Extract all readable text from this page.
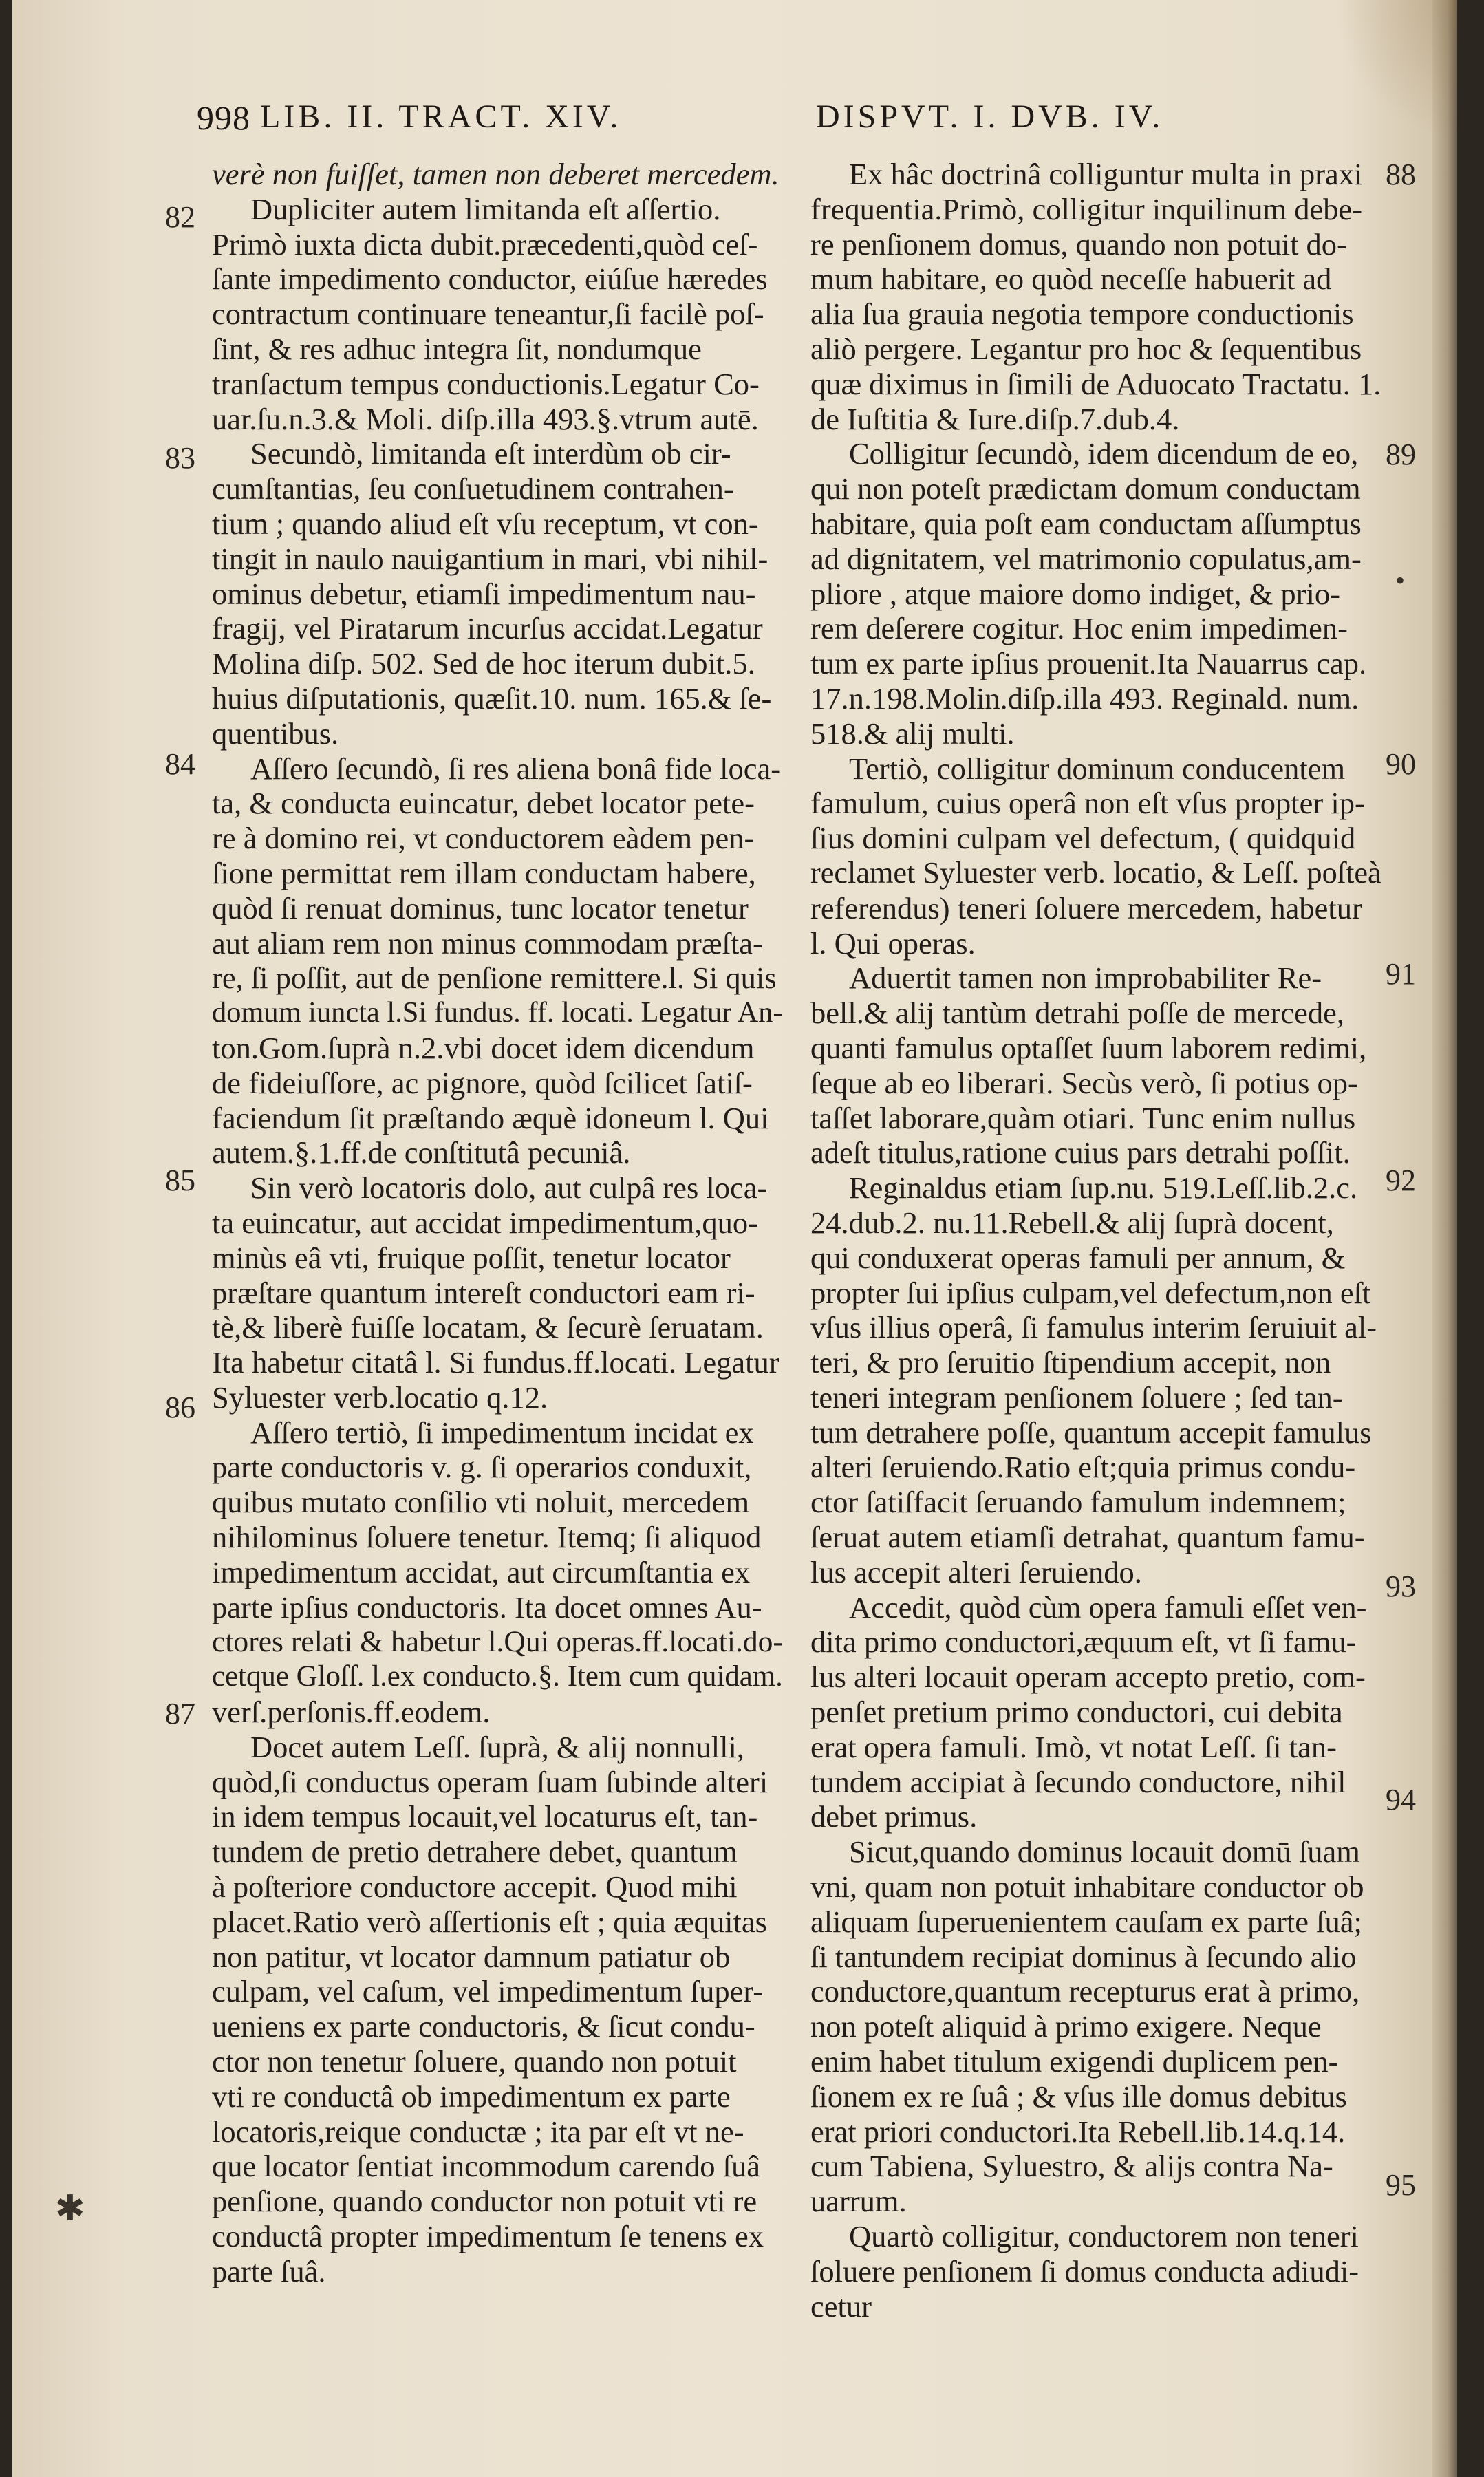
998 LIB. II. TRACT. XIV.	DISPVT. I. DVB. IV.
verè non fuiſſet, tamen non deberet mercedem.
Dupliciter autem limitanda eſt aſſertio.
Primò iuxta dicta dubit.præcedenti,quòd ceſ-
ſante impedimento conductor, eiúſue hæredes
contractum continuare teneantur,ſi facilè poſ-
ſint, & res adhuc integra ſit, nondumque
tranſactum tempus conductionis.Legatur Co-
uar.ſu.n.3.& Moli. diſp.illa 493.§.vtrum autē.
Secundò, limitanda eſt interdùm ob cir-
cumſtantias, ſeu conſuetudinem contrahen-
tium ; quando aliud eſt vſu receptum, vt con-
tingit in naulo nauigantium in mari, vbi nihil-
ominus debetur, etiamſi impedimentum nau-
fragij, vel Piratarum incurſus accidat.Legatur
Molina diſp. 502. Sed de hoc iterum dubit.5.
huius diſputationis, quæſit.10. num. 165.& ſe-
quentibus.
Aſſero ſecundò, ſi res aliena bonâ fide loca-
ta, & conducta euincatur, debet locator pete-
re à domino rei, vt conductorem eàdem pen-
ſione permittat rem illam conductam habere,
quòd ſi renuat dominus, tunc locator tenetur
aut aliam rem non minus commodam præſta-
re, ſi poſſit, aut de penſione remittere.l. Si quis
domum iuncta l.Si fundus. ff. locati. Legatur An-
ton.Gom.ſuprà n.2.vbi docet idem dicendum
de fideiuſſore, ac pignore, quòd ſcilicet ſatiſ-
faciendum ſit præſtando æquè idoneum l. Qui
autem.§.1.ff.de conſtitutâ pecuniâ.
Sin verò locatoris dolo, aut culpâ res loca-
ta euincatur, aut accidat impedimentum,quo-
minùs eâ vti, fruique poſſit, tenetur locator
præſtare quantum intereſt conductori eam ri-
tè,& liberè fuiſſe locatam, & ſecurè ſeruatam.
Ita habetur citatâ l. Si fundus.ff.locati. Legatur
Syluester verb.locatio q.12.
Aſſero tertiò, ſi impedimentum incidat ex
parte conductoris v. g. ſi operarios conduxit,
quibus mutato conſilio vti noluit, mercedem
nihilominus ſoluere tenetur. Itemq; ſi aliquod
impedimentum accidat, aut circumſtantia ex
parte ipſius conductoris. Ita docet omnes Au-
ctores relati & habetur l.Qui operas.ff.locati.do-
cetque Gloſſ. l.ex conducto.§. Item cum quidam.
verſ.perſonis.ff.eodem.
Docet autem Leſſ. ſuprà, & alij nonnulli,
quòd,ſi conductus operam ſuam ſubinde alteri
in idem tempus locauit,vel locaturus eſt, tan-
tundem de pretio detrahere debet, quantum
à poſteriore conductore accepit. Quod mihi
placet.Ratio verò aſſertionis eſt ; quia æquitas
non patitur, vt locator damnum patiatur ob
culpam, vel caſum, vel impedimentum ſuper-
ueniens ex parte conductoris, & ſicut condu-
ctor non tenetur ſoluere, quando non potuit
vti re conductâ ob impedimentum ex parte
locatoris,reique conductæ ; ita par eſt vt ne-
que locator ſentiat incommodum carendo ſuâ
penſione, quando conductor non potuit vti re
conductâ propter impedimentum ſe tenens ex
parte ſuâ.
Ex hâc doctrinâ colliguntur multa in praxi
frequentia.Primò, colligitur inquilinum debe-
re penſionem domus, quando non potuit do-
mum habitare, eo quòd neceſſe habuerit ad
alia ſua grauia negotia tempore conductionis
aliò pergere. Legantur pro hoc & ſequentibus
quæ diximus in ſimili de Aduocato Tractatu. 1.
de Iuſtitia & Iure.diſp.7.dub.4.
Colligitur ſecundò, idem dicendum de eo,
qui non poteſt prædictam domum conductam
habitare, quia poſt eam conductam aſſumptus
ad dignitatem, vel matrimonio copulatus,am-
pliore , atque maiore domo indiget, & prio-
rem deſerere cogitur. Hoc enim impedimen-
tum ex parte ipſius prouenit.Ita Nauarrus cap.
17.n.198.Molin.diſp.illa 493. Reginald. num.
518.& alij multi.
Tertiò, colligitur dominum conducentem
famulum, cuius operâ non eſt vſus propter ip-
ſius domini culpam vel defectum, ( quidquid
reclamet Syluester verb. locatio, & Leſſ. poſteà
referendus) teneri ſoluere mercedem, habetur
l. Qui operas.
Aduertit tamen non improbabiliter Re-
bell.& alij tantùm detrahi poſſe de mercede,
quanti famulus optaſſet ſuum laborem redimi,
ſeque ab eo liberari. Secùs verò, ſi potius op-
taſſet laborare,quàm otiari. Tunc enim nullus
adeſt titulus,ratione cuius pars detrahi poſſit.
Reginaldus etiam ſup.nu. 519.Leſſ.lib.2.c.
24.dub.2. nu.11.Rebell.& alij ſuprà docent,
qui conduxerat operas famuli per annum, &
propter ſui ipſius culpam,vel defectum,non eſt
vſus illius operâ, ſi famulus interim ſeruiuit al-
teri, & pro ſeruitio ſtipendium accepit, non
teneri integram penſionem ſoluere ; ſed tan-
tum detrahere poſſe, quantum accepit famulus
alteri ſeruiendo.Ratio eſt;quia primus condu-
ctor ſatiſfacit ſeruando famulum indemnem;
ſeruat autem etiamſi detrahat, quantum famu-
lus accepit alteri ſeruiendo.
Accedit, quòd cùm opera famuli eſſet ven-
dita primo conductori,æquum eſt, vt ſi famu-
lus alteri locauit operam accepto pretio, com-
penſet pretium primo conductori, cui debita
erat opera famuli. Imò, vt notat Leſſ. ſi tan-
tundem accipiat à ſecundo conductore, nihil
debet primus.
Sicut,quando dominus locauit domū ſuam
vni, quam non potuit inhabitare conductor ob
aliquam ſuperuenientem cauſam ex parte ſuâ;
ſi tantundem recipiat dominus à ſecundo alio
conductore,quantum recepturus erat à primo,
non poteſt aliquid à primo exigere. Neque
enim habet titulum exigendi duplicem pen-
ſionem ex re ſuâ ; & vſus ille domus debitus
erat priori conductori.Ita Rebell.lib.14.q.14.
cum Tabiena, Syluestro, & alijs contra Na-
uarrum.
Quartò colligitur, conductorem non teneri
ſoluere penſionem ſi domus conducta adiudi-
cetur
82
83
84
85
86
87
88
89
90
91
92
93
94
95
•
✱
